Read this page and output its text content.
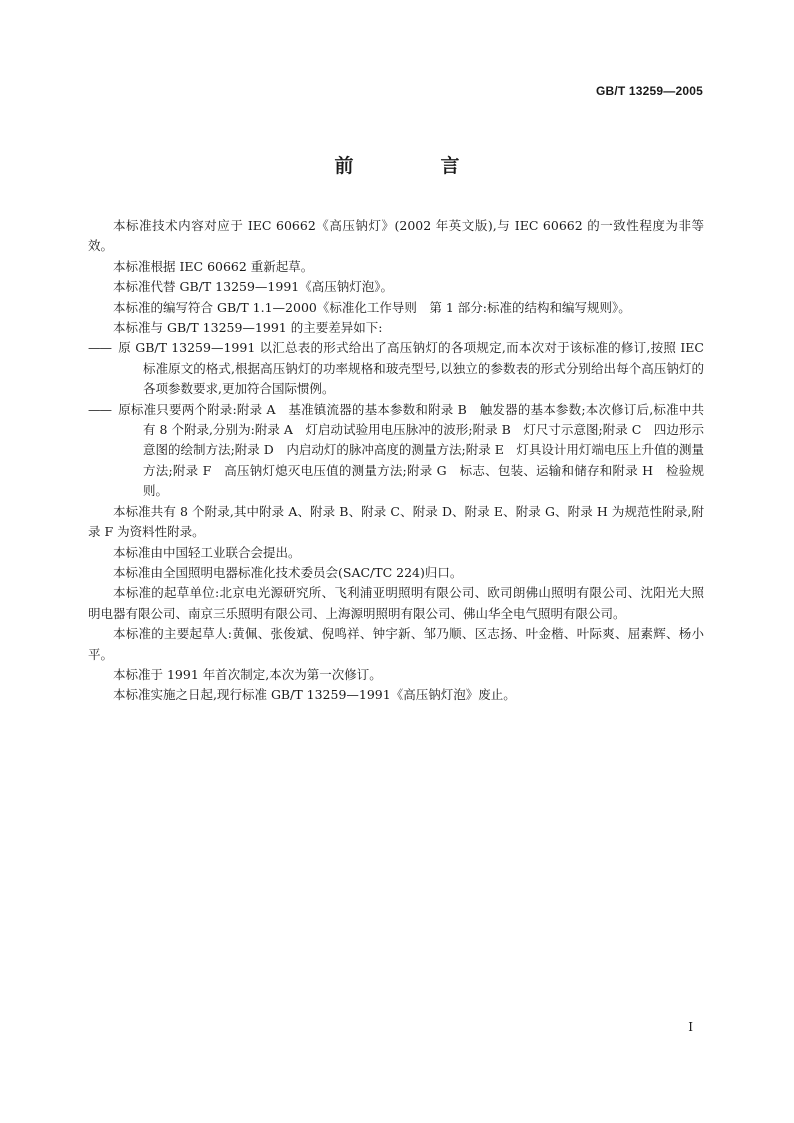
GB/T 13259—2005
前　言

本标准技术内容对应于 IEC 60662《高压钠灯》(2002 年英文版),与 IEC 60662 的一致性程度为非等效。

本标准根据 IEC 60662 重新起草。

本标准代替 GB/T 13259—1991《高压钠灯泡》。

本标准的编写符合 GB/T 1.1—2000《标准化工作导则　第 1 部分:标准的结构和编写规则》。

本标准与 GB/T 13259—1991 的主要差异如下:

—— 原 GB/T 13259—1991 以汇总表的形式给出了高压钠灯的各项规定,而本次对于该标准的修订,按照 IEC 标准原文的格式,根据高压钠灯的功率规格和玻壳型号,以独立的参数表的形式分别给出每个高压钠灯的各项参数要求,更加符合国际惯例。

—— 原标准只要两个附录:附录 A　基准镇流器的基本参数和附录 B　触发器的基本参数;本次修订后,标准中共有 8 个附录,分别为:附录 A　灯启动试验用电压脉冲的波形;附录 B　灯尺寸示意图;附录 C　四边形示意图的绘制方法;附录 D　内启动灯的脉冲高度的测量方法;附录 E　灯具设计用灯端电压上升值的测量方法;附录 F　高压钠灯熄灭电压值的测量方法;附录 G　标志、包装、运输和储存和附录 H　检验规则。

本标准共有 8 个附录,其中附录 A、附录 B、附录 C、附录 D、附录 E、附录 G、附录 H 为规范性附录,附录 F 为资料性附录。

本标准由中国轻工业联合会提出。

本标准由全国照明电器标准化技术委员会(SAC/TC 224)归口。

本标准的起草单位:北京电光源研究所、飞利浦亚明照明有限公司、欧司朗佛山照明有限公司、沈阳光大照明电器有限公司、南京三乐照明有限公司、上海源明照明有限公司、佛山华全电气照明有限公司。

本标准的主要起草人:黄佩、张俊斌、倪鸣祥、钟宇新、邹乃顺、区志扬、叶金楷、叶际爽、屈素辉、杨小平。

本标准于 1991 年首次制定,本次为第一次修订。

本标准实施之日起,现行标准 GB/T 13259—1991《高压钠灯泡》废止。

I
